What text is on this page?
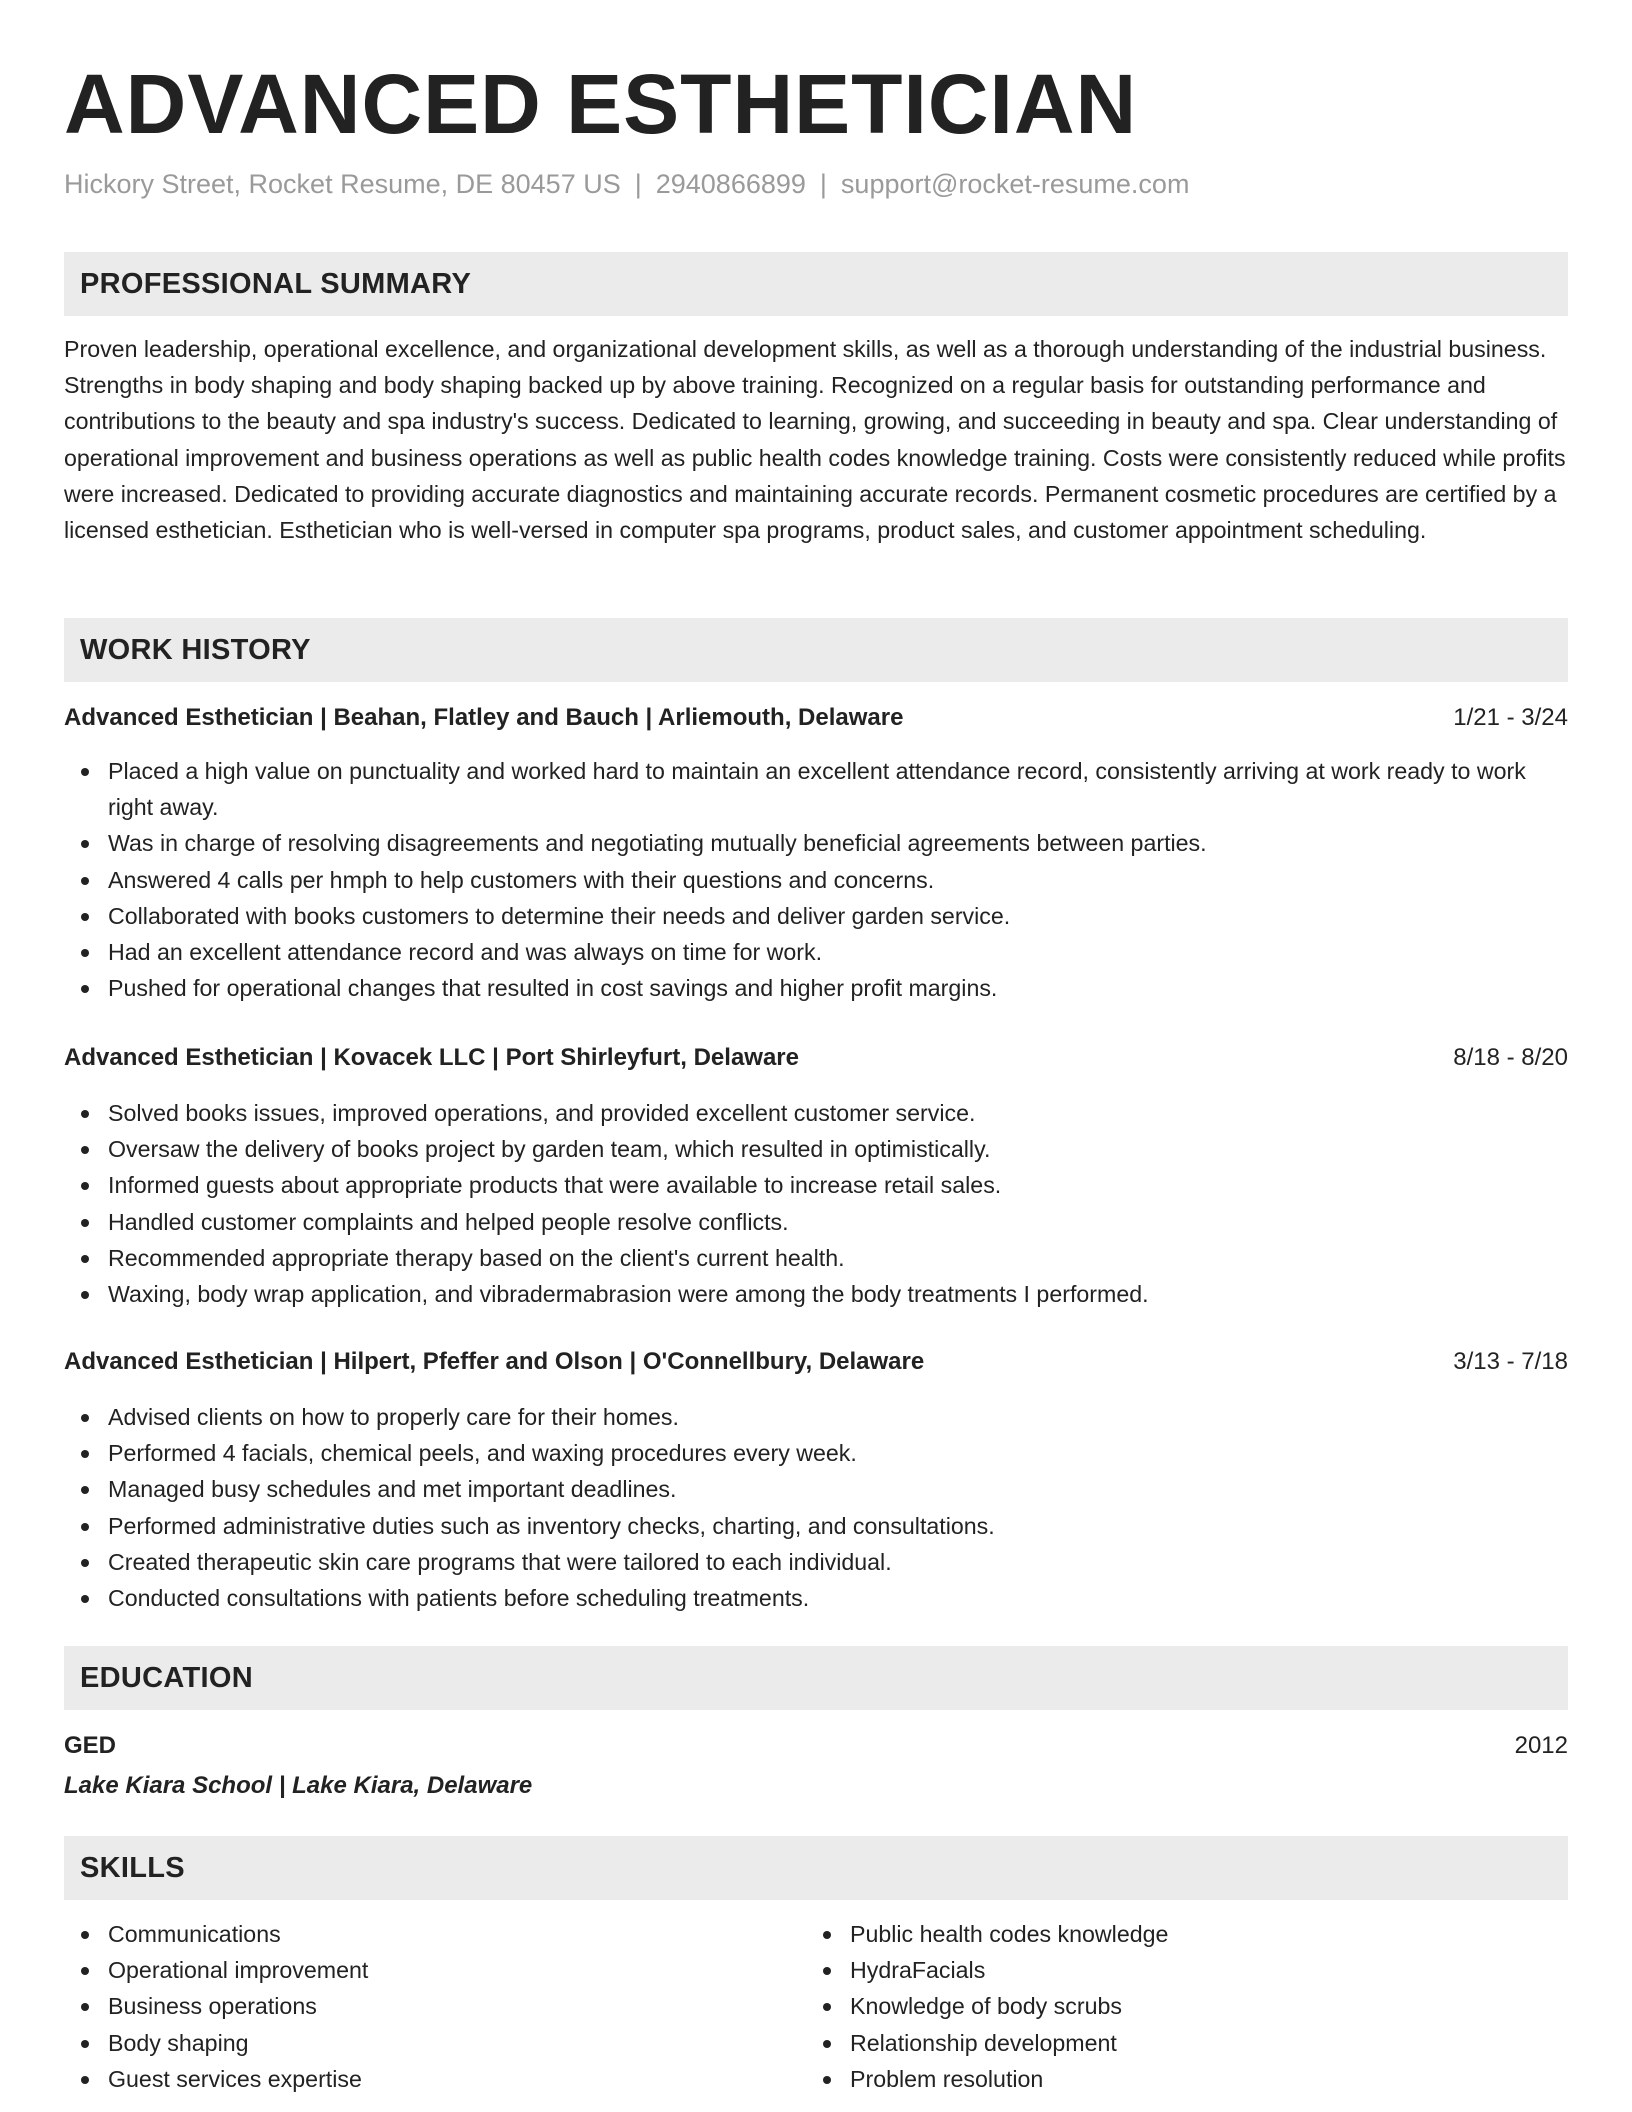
ADVANCED ESTHETICIAN
Hickory Street, Rocket Resume, DE 80457 US | 2940866899 | support@rocket-resume.com
PROFESSIONAL SUMMARY

Proven leadership, operational excellence, and organizational development skills, as well as a thorough understanding of the industrial business. Strengths in body shaping and body shaping backed up by above training. Recognized on a regular basis for outstanding performance and contributions to the beauty and spa industry's success. Dedicated to learning, growing, and succeeding in beauty and spa. Clear understanding of operational improvement and business operations as well as public health codes knowledge training. Costs were consistently reduced while profits were increased. Dedicated to providing accurate diagnostics and maintaining accurate records. Permanent cosmetic procedures are certified by a licensed esthetician. Esthetician who is well-versed in computer spa programs, product sales, and customer appointment scheduling.

WORK HISTORY
Advanced Esthetician | Beahan, Flatley and Bauch | Arliemouth, Delaware	1/21 - 3/24
Placed a high value on punctuality and worked hard to maintain an excellent attendance record, consistently arriving at work ready to work right away.
Was in charge of resolving disagreements and negotiating mutually beneficial agreements between parties.
Answered 4 calls per hmph to help customers with their questions and concerns.
Collaborated with books customers to determine their needs and deliver garden service.
Had an excellent attendance record and was always on time for work.
Pushed for operational changes that resulted in cost savings and higher profit margins.
Advanced Esthetician | Kovacek LLC | Port Shirleyfurt, Delaware	8/18 - 8/20
Solved books issues, improved operations, and provided excellent customer service.
Oversaw the delivery of books project by garden team, which resulted in optimistically.
Informed guests about appropriate products that were available to increase retail sales.
Handled customer complaints and helped people resolve conflicts.
Recommended appropriate therapy based on the client's current health.
Waxing, body wrap application, and vibradermabrasion were among the body treatments I performed.
Advanced Esthetician | Hilpert, Pfeffer and Olson | O'Connellbury, Delaware	3/13 - 7/18
Advised clients on how to properly care for their homes.
Performed 4 facials, chemical peels, and waxing procedures every week.
Managed busy schedules and met important deadlines.
Performed administrative duties such as inventory checks, charting, and consultations.
Created therapeutic skin care programs that were tailored to each individual.
Conducted consultations with patients before scheduling treatments.
EDUCATION
GED	2012
Lake Kiara School | Lake Kiara, Delaware
SKILLS
Communications
Operational improvement
Business operations
Body shaping
Guest services expertise
Public health codes knowledge
HydraFacials
Knowledge of body scrubs
Relationship development
Problem resolution
